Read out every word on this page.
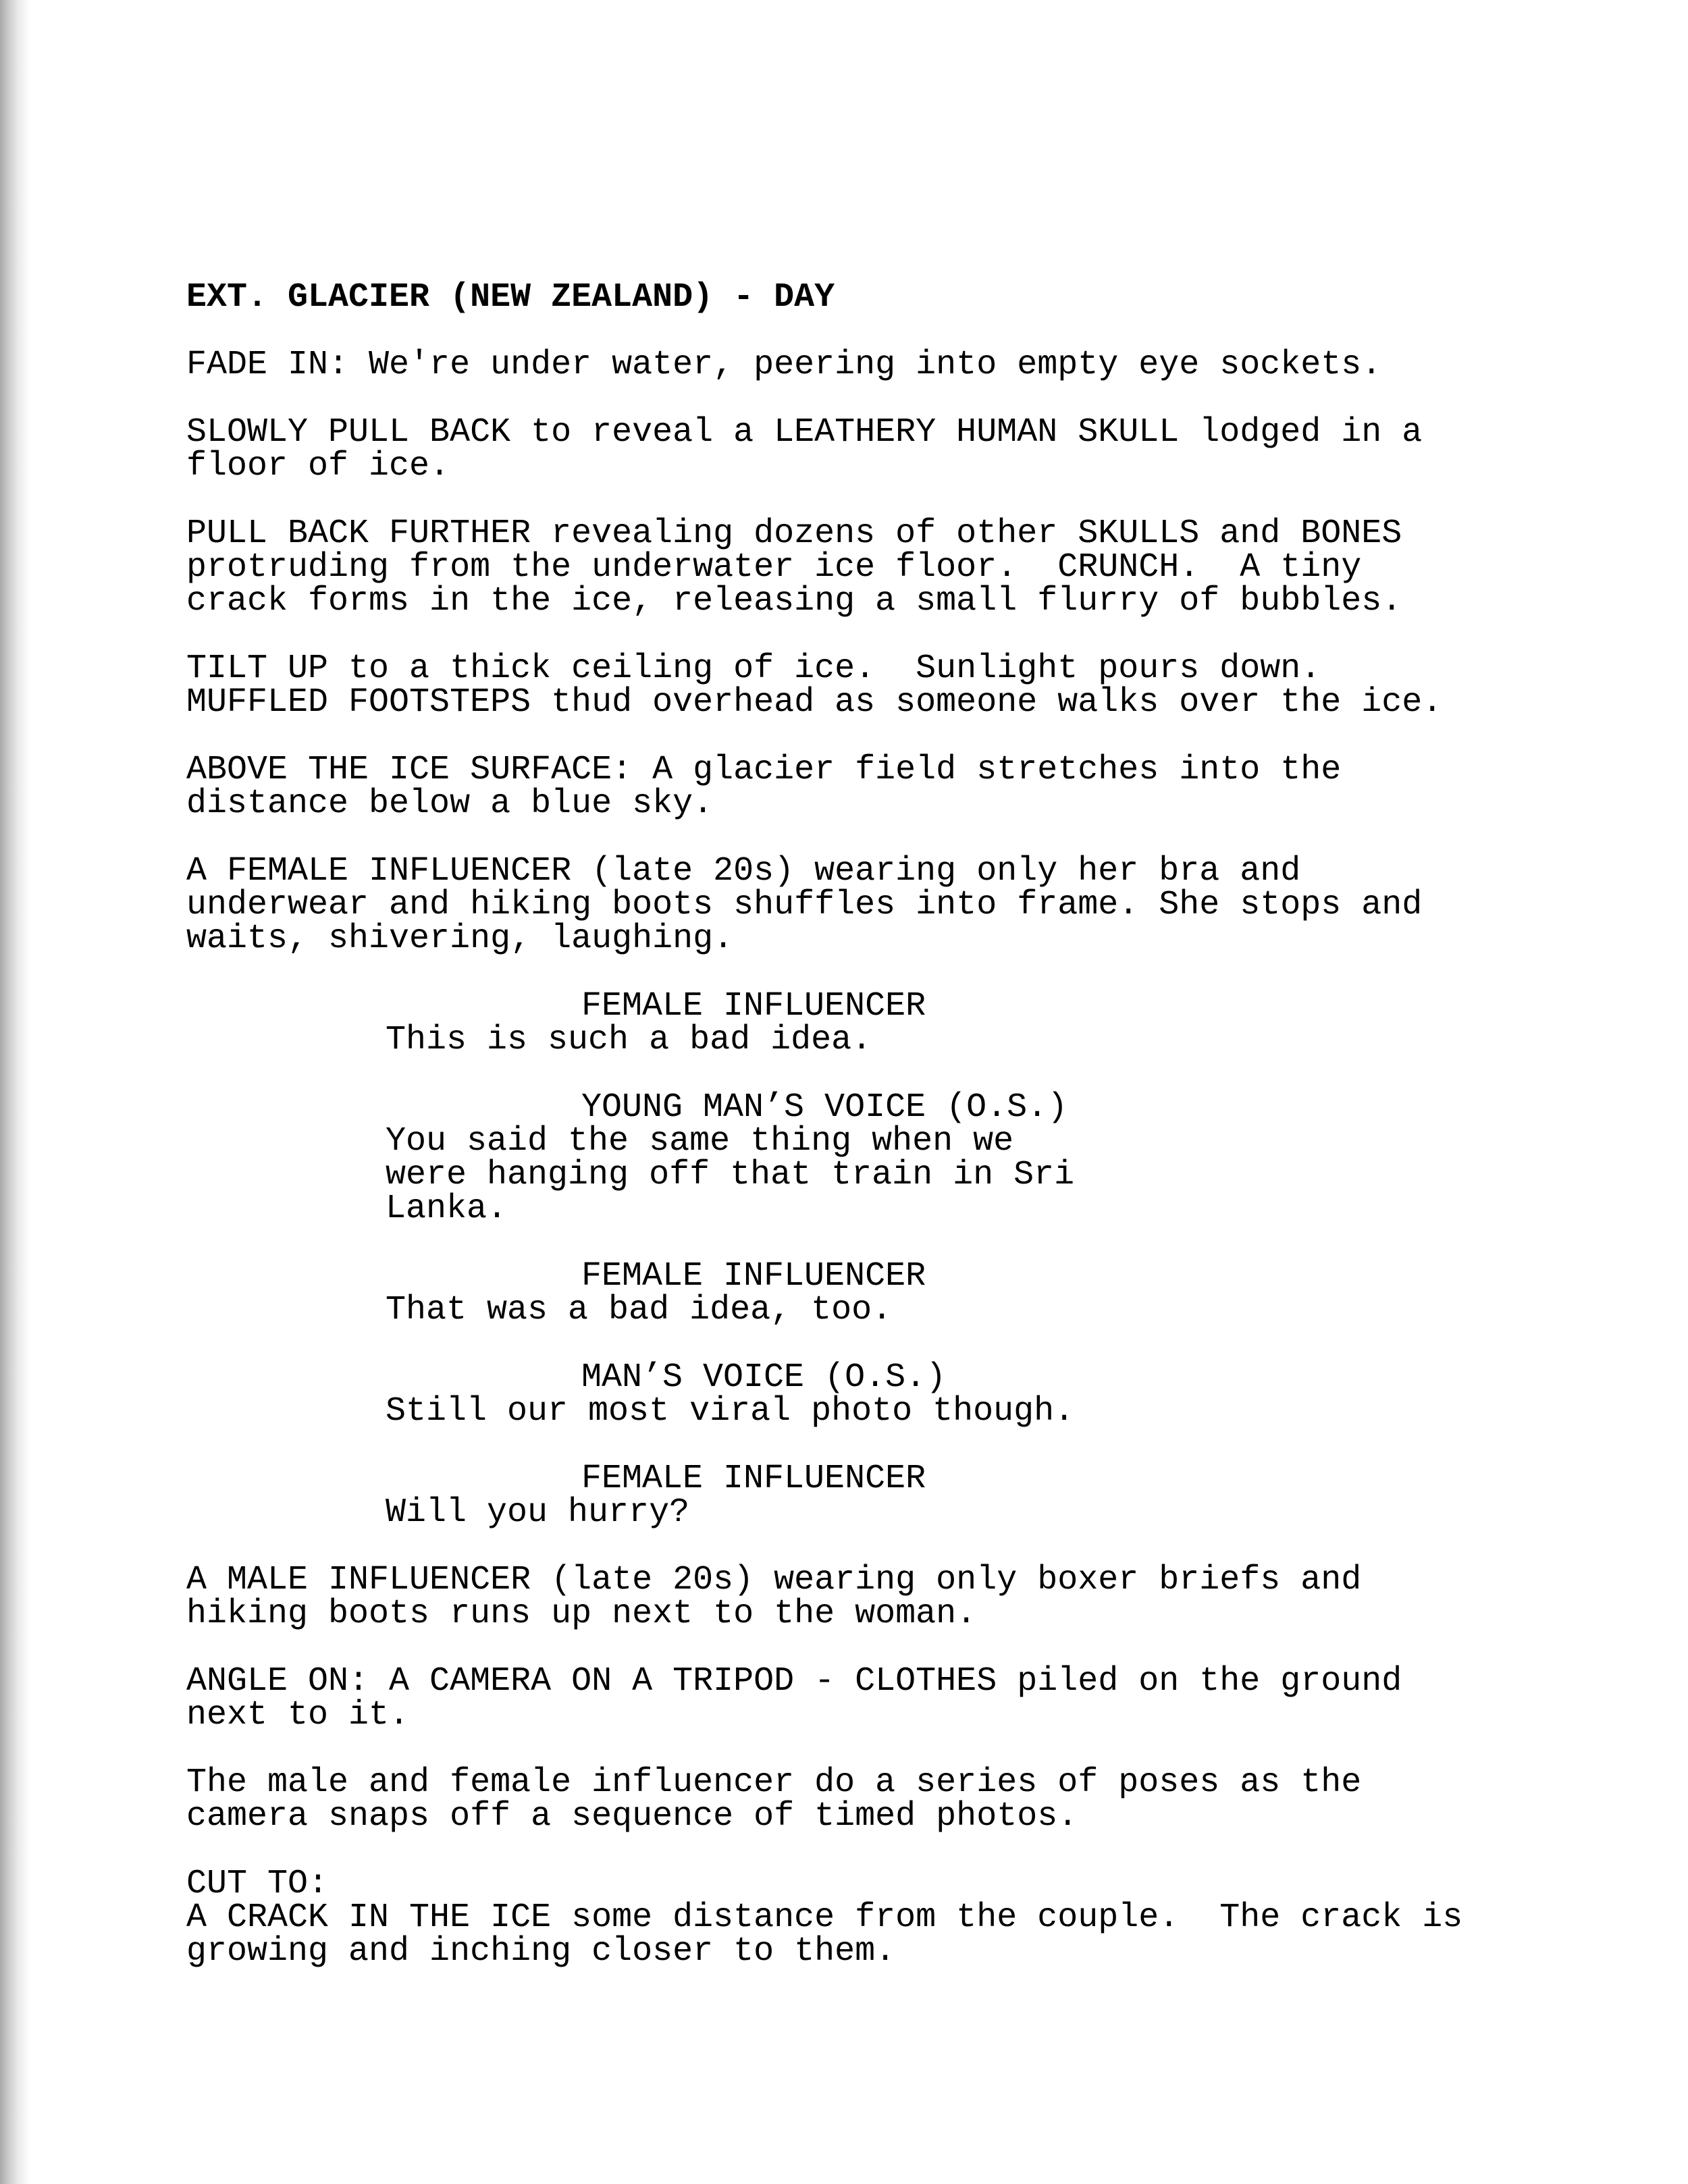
EXT. GLACIER (NEW ZEALAND) - DAY
FADE IN: We're under water, peering into empty eye sockets.
SLOWLY PULL BACK to reveal a LEATHERY HUMAN SKULL lodged in a
floor of ice.
PULL BACK FURTHER revealing dozens of other SKULLS and BONES
protruding from the underwater ice floor.  CRUNCH.  A tiny
crack forms in the ice, releasing a small flurry of bubbles.
TILT UP to a thick ceiling of ice.  Sunlight pours down.
MUFFLED FOOTSTEPS thud overhead as someone walks over the ice.
ABOVE THE ICE SURFACE: A glacier field stretches into the
distance below a blue sky.
A FEMALE INFLUENCER (late 20s) wearing only her bra and
underwear and hiking boots shuffles into frame. She stops and
waits, shivering, laughing.
FEMALE INFLUENCER
This is such a bad idea.
YOUNG MAN’S VOICE (O.S.)
You said the same thing when we
were hanging off that train in Sri
Lanka.
FEMALE INFLUENCER
That was a bad idea, too.
MAN’S VOICE (O.S.)
Still our most viral photo though.
FEMALE INFLUENCER
Will you hurry?
A MALE INFLUENCER (late 20s) wearing only boxer briefs and
hiking boots runs up next to the woman.
ANGLE ON: A CAMERA ON A TRIPOD - CLOTHES piled on the ground
next to it.
The male and female influencer do a series of poses as the
camera snaps off a sequence of timed photos.
CUT TO:
A CRACK IN THE ICE some distance from the couple.  The crack is
growing and inching closer to them.
